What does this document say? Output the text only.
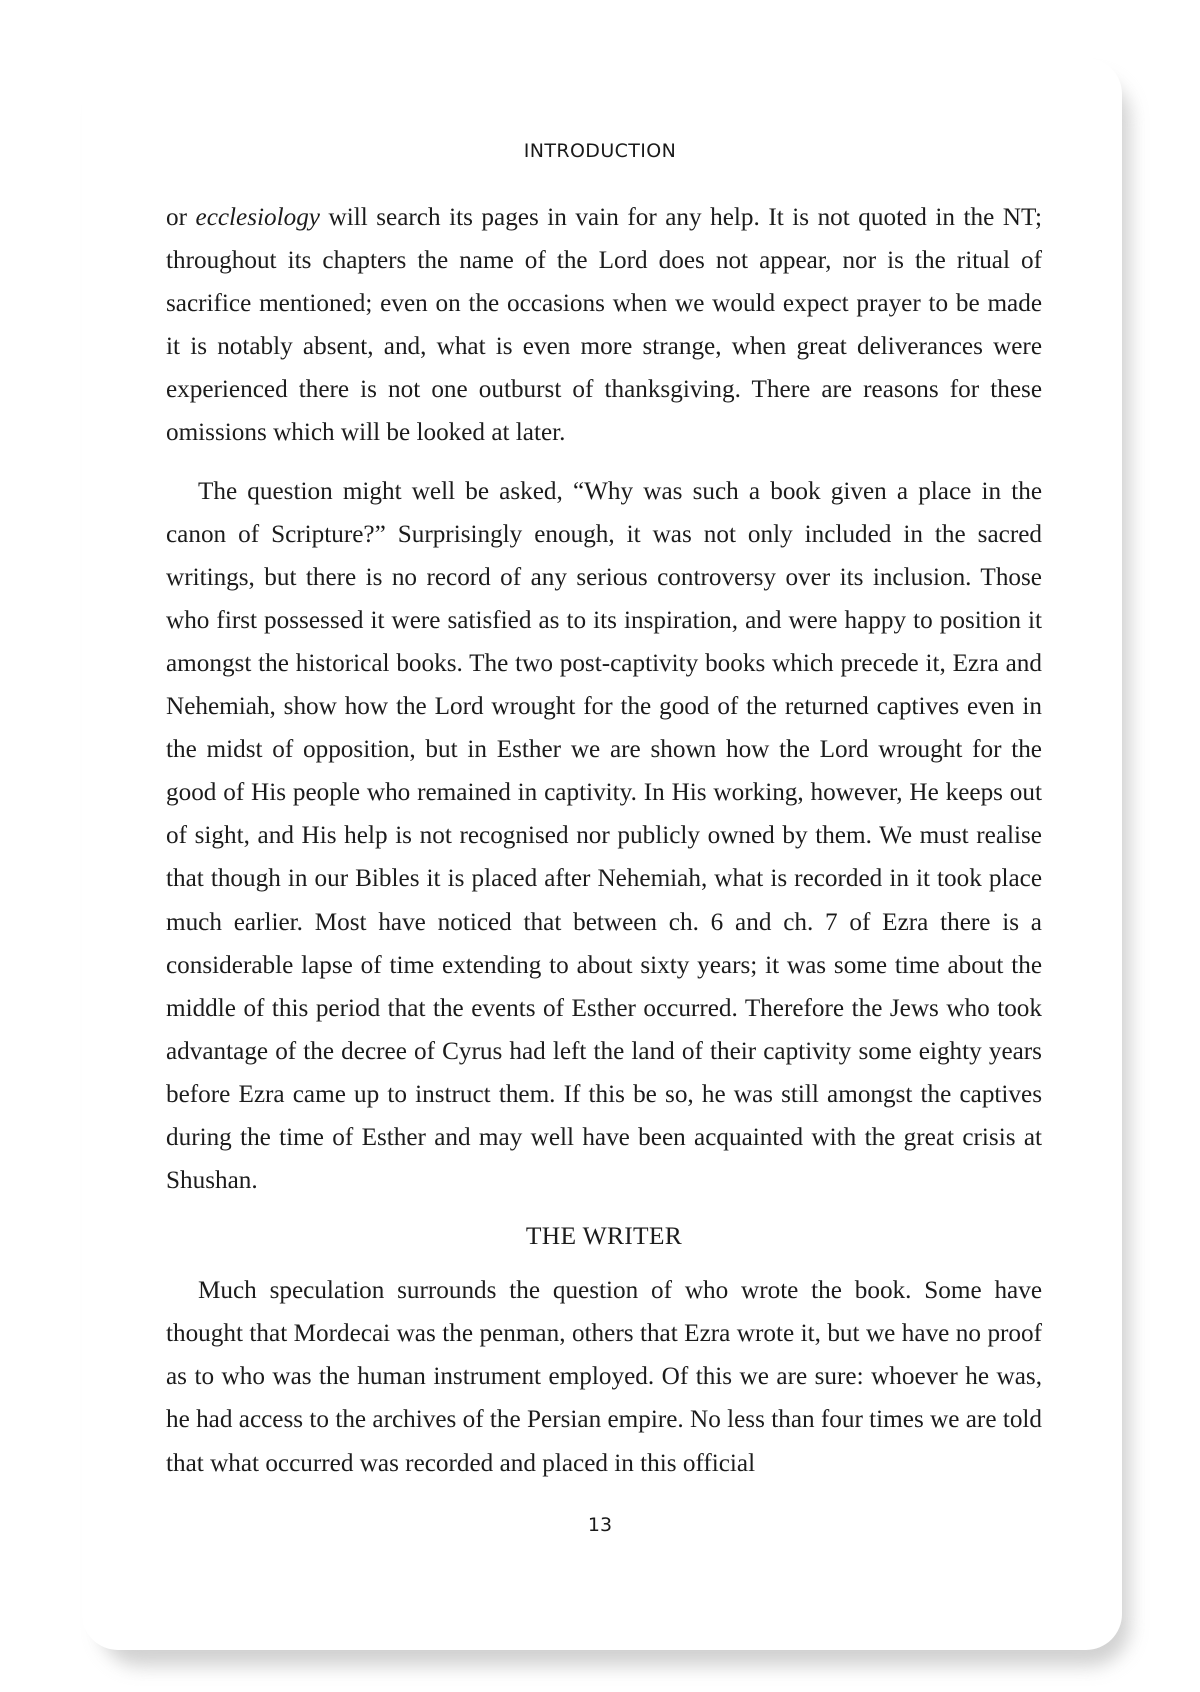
INTRODUCTION

or ecclesiology will search its pages in vain for any help. It is not quoted in the NT; throughout its chapters the name of the Lord does not appear, nor is the ritual of sacrifice mentioned; even on the occasions when we would expect prayer to be made it is notably absent, and, what is even more strange, when great deliverances were experienced there is not one outburst of thanksgiving. There are reasons for these omissions which will be looked at later.

The question might well be asked, “Why was such a book given a place in the canon of Scripture?” Surprisingly enough, it was not only included in the sacred writings, but there is no record of any serious controversy over its inclusion. Those who first possessed it were satisfied as to its inspiration, and were happy to position it amongst the historical books. The two post-captivity books which precede it, Ezra and Nehemiah, show how the Lord wrought for the good of the returned captives even in the midst of opposition, but in Esther we are shown how the Lord wrought for the good of His people who remained in captivity. In His working, however, He keeps out of sight, and His help is not recognised nor publicly owned by them. We must realise that though in our Bibles it is placed after Nehemiah, what is recorded in it took place much earlier. Most have noticed that between ch. 6 and ch. 7 of Ezra there is a considerable lapse of time extending to about sixty years; it was some time about the middle of this period that the events of Esther occurred. Therefore the Jews who took advantage of the decree of Cyrus had left the land of their captivity some eighty years before Ezra came up to instruct them. If this be so, he was still amongst the captives during the time of Esther and may well have been acquainted with the great crisis at Shushan.

THE WRITER

Much speculation surrounds the question of who wrote the book. Some have thought that Mordecai was the penman, others that Ezra wrote it, but we have no proof as to who was the human instrument employed. Of this we are sure: whoever he was, he had access to the archives of the Persian empire. No less than four times we are told that what occurred was recorded and placed in this official

13
